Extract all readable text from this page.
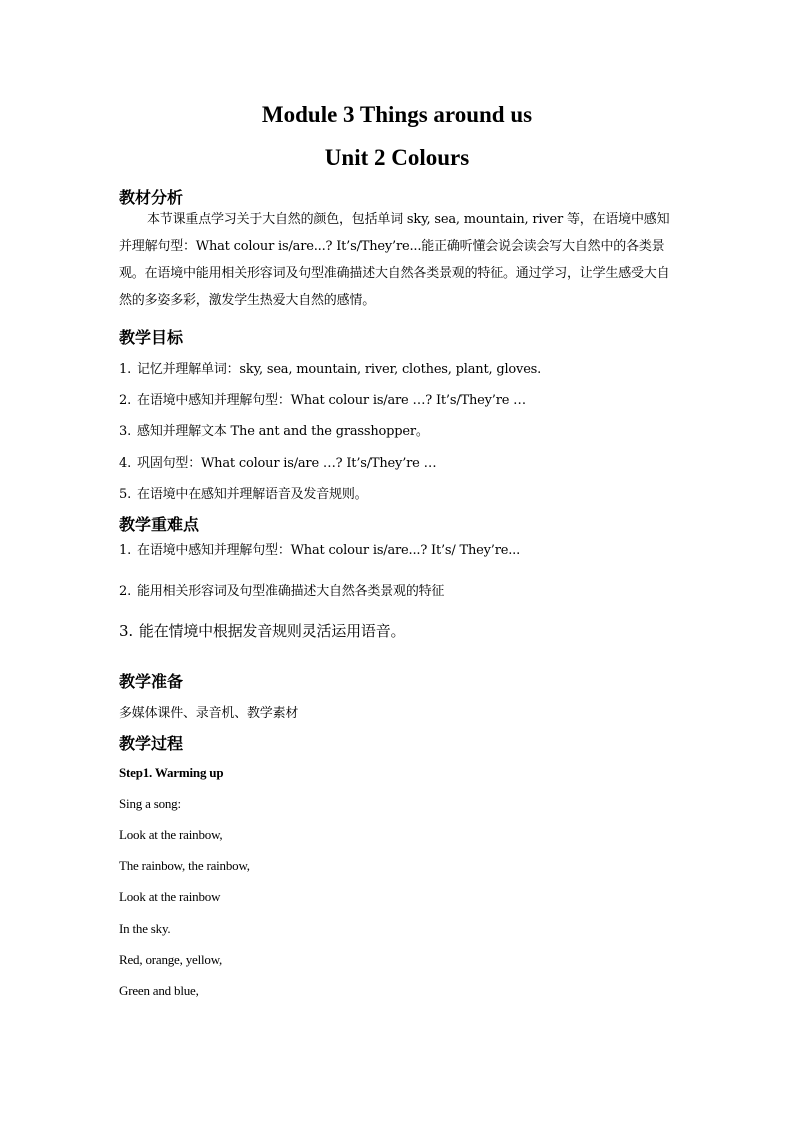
Module 3 Things around us
Unit 2 Colours
教材分析
本节课重点学习关于大自然的颜色，包括单词 sky, sea, mountain, river 等，在语境中感知并理解句型：What colour is/are...? It’s/They’re...能正确听懂会说会读会写大自然中的各类景观。在语境中能用相关形容词及句型准确描述大自然各类景观的特征。通过学习，让学生感受大自然的多姿多彩，激发学生热爱大自然的感情。
教学目标
1. 记忆并理解单词：sky, sea, mountain, river, clothes, plant, gloves.
2. 在语境中感知并理解句型：What colour is/are …? It’s/They’re …
3. 感知并理解文本 The ant and the grasshopper。
4. 巩固句型：What colour is/are …? It’s/They’re …
5. 在语境中在感知并理解语音及发音规则。
教学重难点
1. 在语境中感知并理解句型：What colour is/are...? It’s/ They’re...
2. 能用相关形容词及句型准确描述大自然各类景观的特征
3. 能在情境中根据发音规则灵活运用语音。
教学准备
多媒体课件、录音机、教学素材
教学过程
Step1. Warming up
Sing a song:
Look at the rainbow,
The rainbow, the rainbow,
Look at the rainbow
In the sky.
Red, orange, yellow,
Green and blue,
